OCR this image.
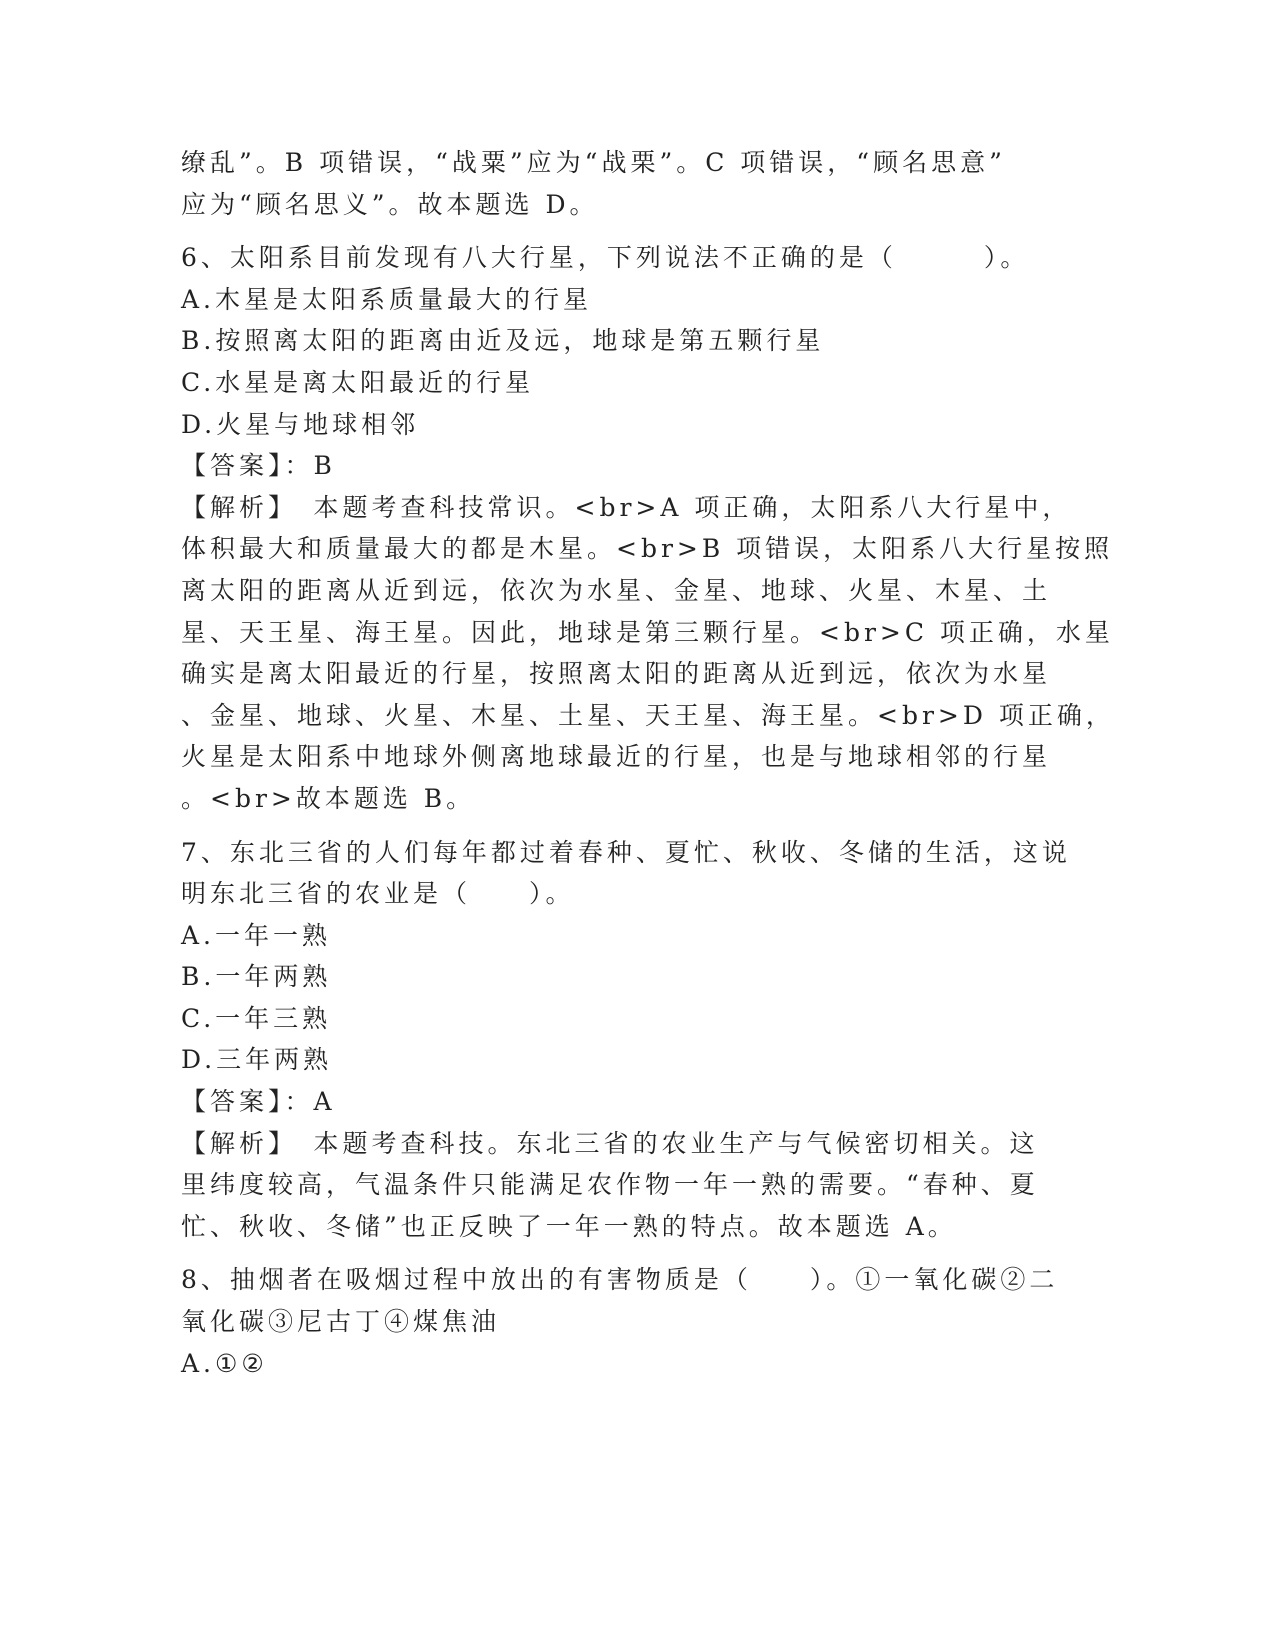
缭乱”。B 项错误，“战粟”应为“战栗”。C 项错误，“顾名思意”
应为“顾名思义”。故本题选 D。
6、太阳系目前发现有八大行星，下列说法不正确的是（　　　）。
A.木星是太阳系质量最大的行星
B.按照离太阳的距离由近及远，地球是第五颗行星
C.水星是离太阳最近的行星
D.火星与地球相邻
【答案】：B
【解析】　本题考查科技常识。<br>A 项正确，太阳系八大行星中，
体积最大和质量最大的都是木星。<br>B 项错误，太阳系八大行星按照
离太阳的距离从近到远，依次为水星、金星、地球、火星、木星、土
星、天王星、海王星。因此，地球是第三颗行星。<br>C 项正确，水星
确实是离太阳最近的行星，按照离太阳的距离从近到远，依次为水星
、金星、地球、火星、木星、土星、天王星、海王星。<br>D 项正确，
火星是太阳系中地球外侧离地球最近的行星，也是与地球相邻的行星
。<br>故本题选 B。
7、东北三省的人们每年都过着春种、夏忙、秋收、冬储的生活，这说
明东北三省的农业是（　　）。
A.一年一熟
B.一年两熟
C.一年三熟
D.三年两熟
【答案】：A
【解析】　本题考查科技。东北三省的农业生产与气候密切相关。这
里纬度较高，气温条件只能满足农作物一年一熟的需要。“春种、夏
忙、秋收、冬储”也正反映了一年一熟的特点。故本题选 A。
8、抽烟者在吸烟过程中放出的有害物质是（　　）。①一氧化碳②二
氧化碳③尼古丁④煤焦油
A.①②
